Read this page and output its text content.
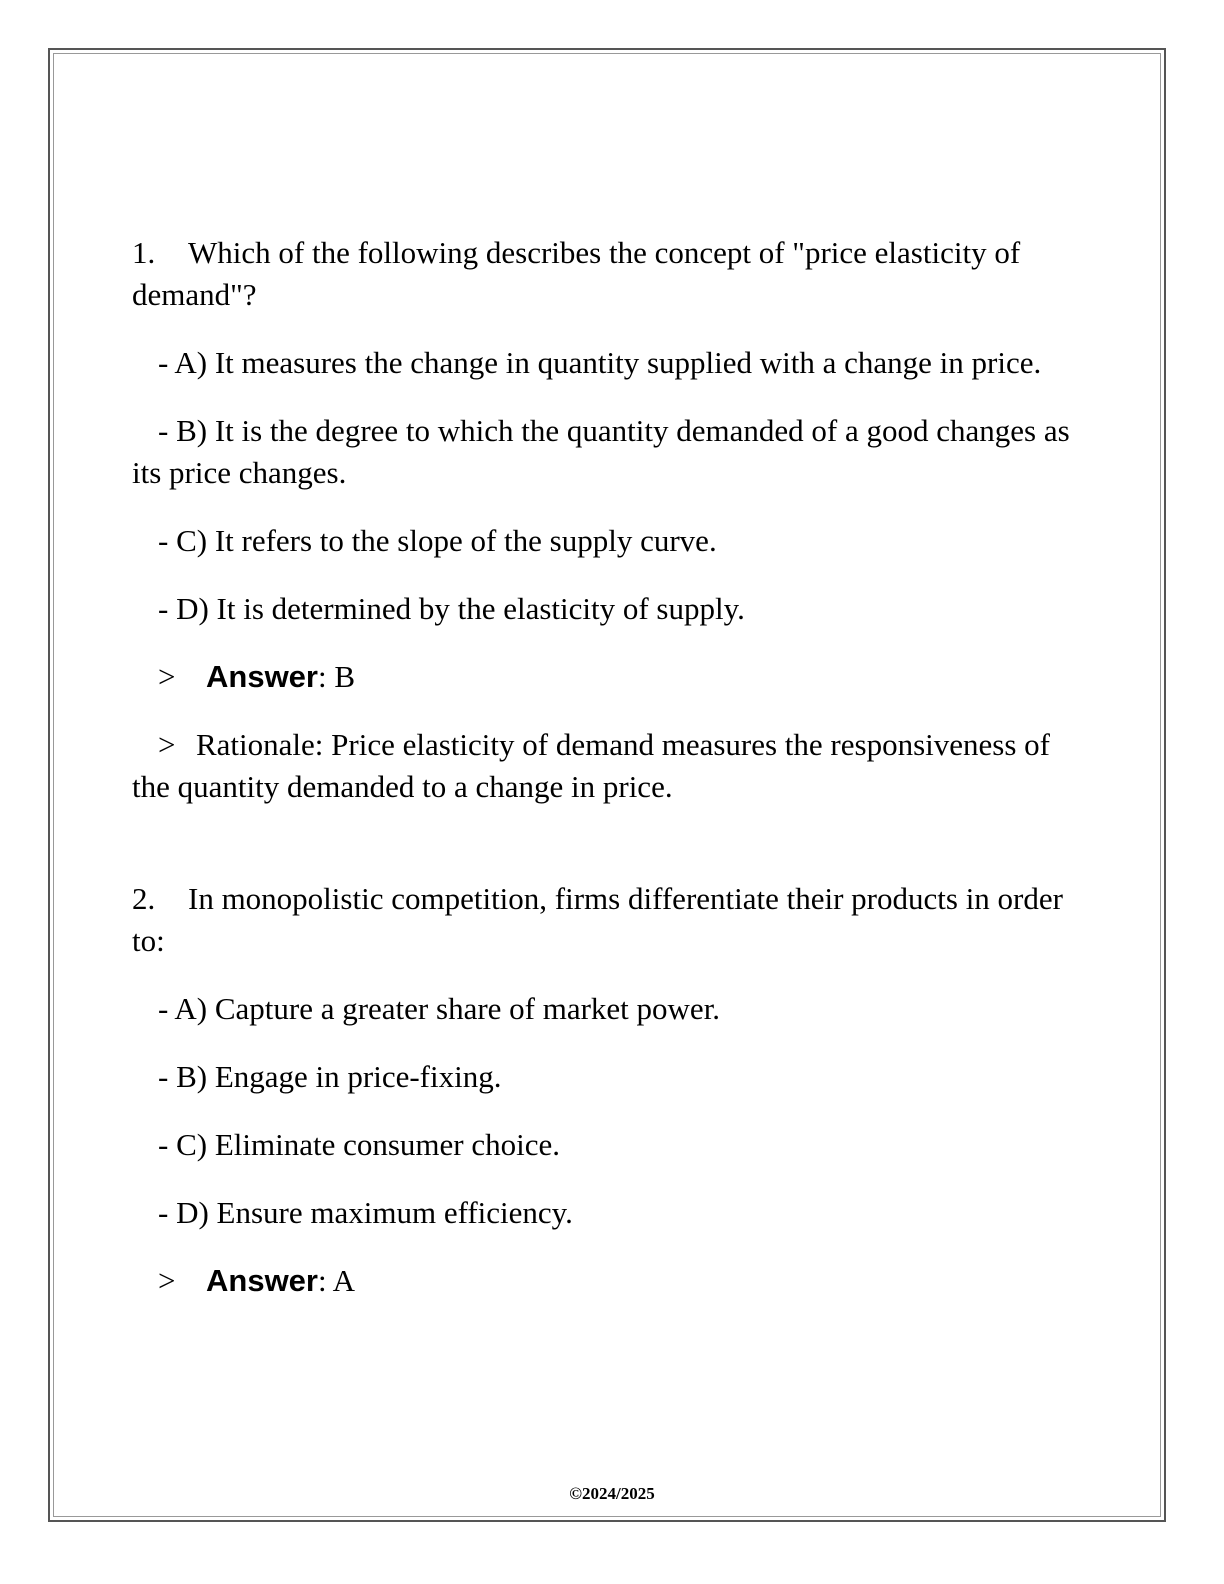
1. Which of the following describes the concept of "price elasticity of demand"?
- A) It measures the change in quantity supplied with a change in price.
- B) It is the degree to which the quantity demanded of a good changes as its price changes.
- C) It refers to the slope of the supply curve.
- D) It is determined by the elasticity of supply.
> Answer: B
> Rationale: Price elasticity of demand measures the responsiveness of the quantity demanded to a change in price.
2. In monopolistic competition, firms differentiate their products in order to:
- A) Capture a greater share of market power.
- B) Engage in price-fixing.
- C) Eliminate consumer choice.
- D) Ensure maximum efficiency.
> Answer: A
©2024/2025
